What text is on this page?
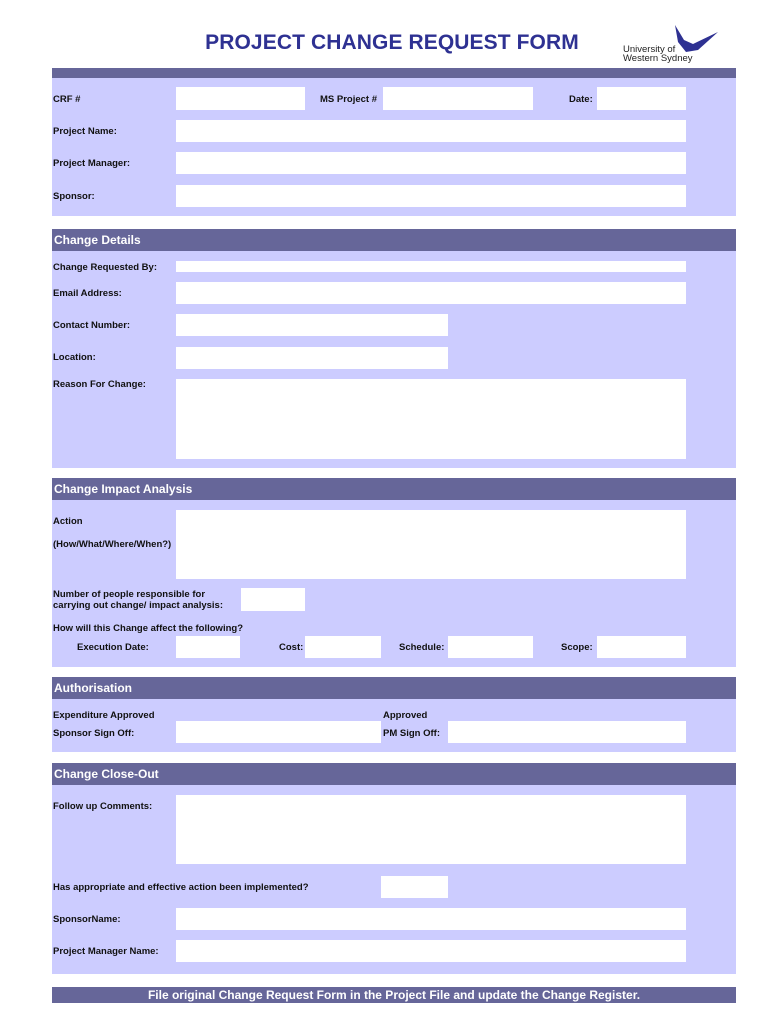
PROJECT CHANGE REQUEST FORM	University of
Western Sydney
CRF #	MS Project #	Date:
Project Name:
Project Manager:
Sponsor:
Change Details
Change Requested By:
Email Address:
Contact Number:
Location:
Reason For Change:
Change Impact Analysis
Action
(How/What/Where/When?)
Number of people responsible for
carrying out change/ impact analysis:
How will this Change affect the following?
Execution Date:	Cost:	Schedule:	Scope:
Authorisation
Expenditure Approved
Sponsor Sign Off:
Approved
PM Sign Off:
Change Close-Out
Follow up Comments:
Has appropriate and effective action been implemented?
SponsorName:
Project Manager Name:
File original Change Request Form in the Project File and update the Change Register.
